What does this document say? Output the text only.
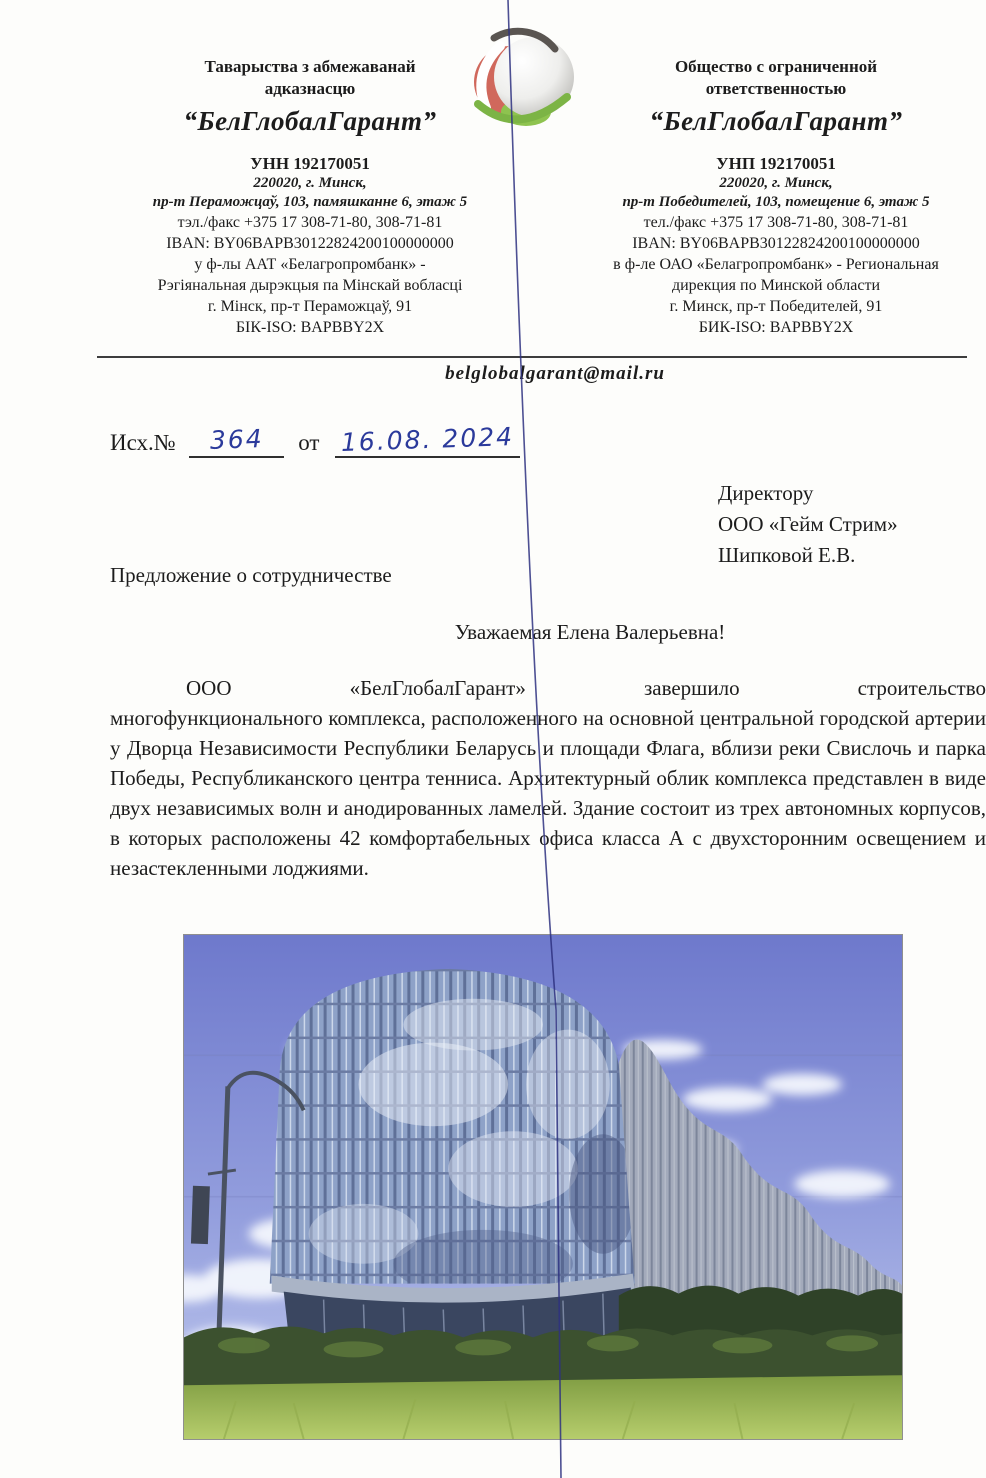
Таварыства з абмежаванай
адказнасцю
“БелГлобалГарант”
УНН 192170051
220020, г. Минск,
пр-т Пераможцаў, 103, памяшканне 6, этаж 5
тэл./факс +375 17 308-71-80, 308-71-81
IBAN: BY06BAPB30122824200100000000
у ф-лы ААТ «Белагропромбанк» -
Рэгіянальная дырэкцыя па Мінскай вобласці
г. Мінск, пр-т Пераможцаў, 91
БІК-ISO: BAPBBY2X
Общество с ограниченной
ответственностью
“БелГлобалГарант”
УНП 192170051
220020, г. Минск,
пр-т Победителей, 103, помещение 6, этаж 5
тел./факс +375 17 308-71-80, 308-71-81
IBAN: BY06BAPB30122824200100000000
в ф-ле ОАО «Белагропромбанк» - Региональная
дирекция по Минской области
г. Минск, пр-т Победителей, 91
БИК-ISO: BAPBBY2X
belglobalgarant@mail.ru
Исх.№ 364 от 16.08. 2024
Директору
ООО «Гейм Стрим»
Шипковой Е.В.
Предложение о сотрудничестве
Уважаемая Елена Валерьевна!
ООО «БелГлобалГарант» завершило строительство
многофункционального комплекса, расположенного на основной центральной городской артерии у Дворца Независимости Республики Беларусь и площади Флага, вблизи реки Свислочь и парка Победы, Республиканского центра тенниса. Архитектурный облик комплекса представлен в виде двух независимых волн и анодированных ламелей. Здание состоит из трех автономных корпусов, в которых расположены 42 комфортабельных офиса класса А с двухсторонним освещением и незастекленными лоджиями.
